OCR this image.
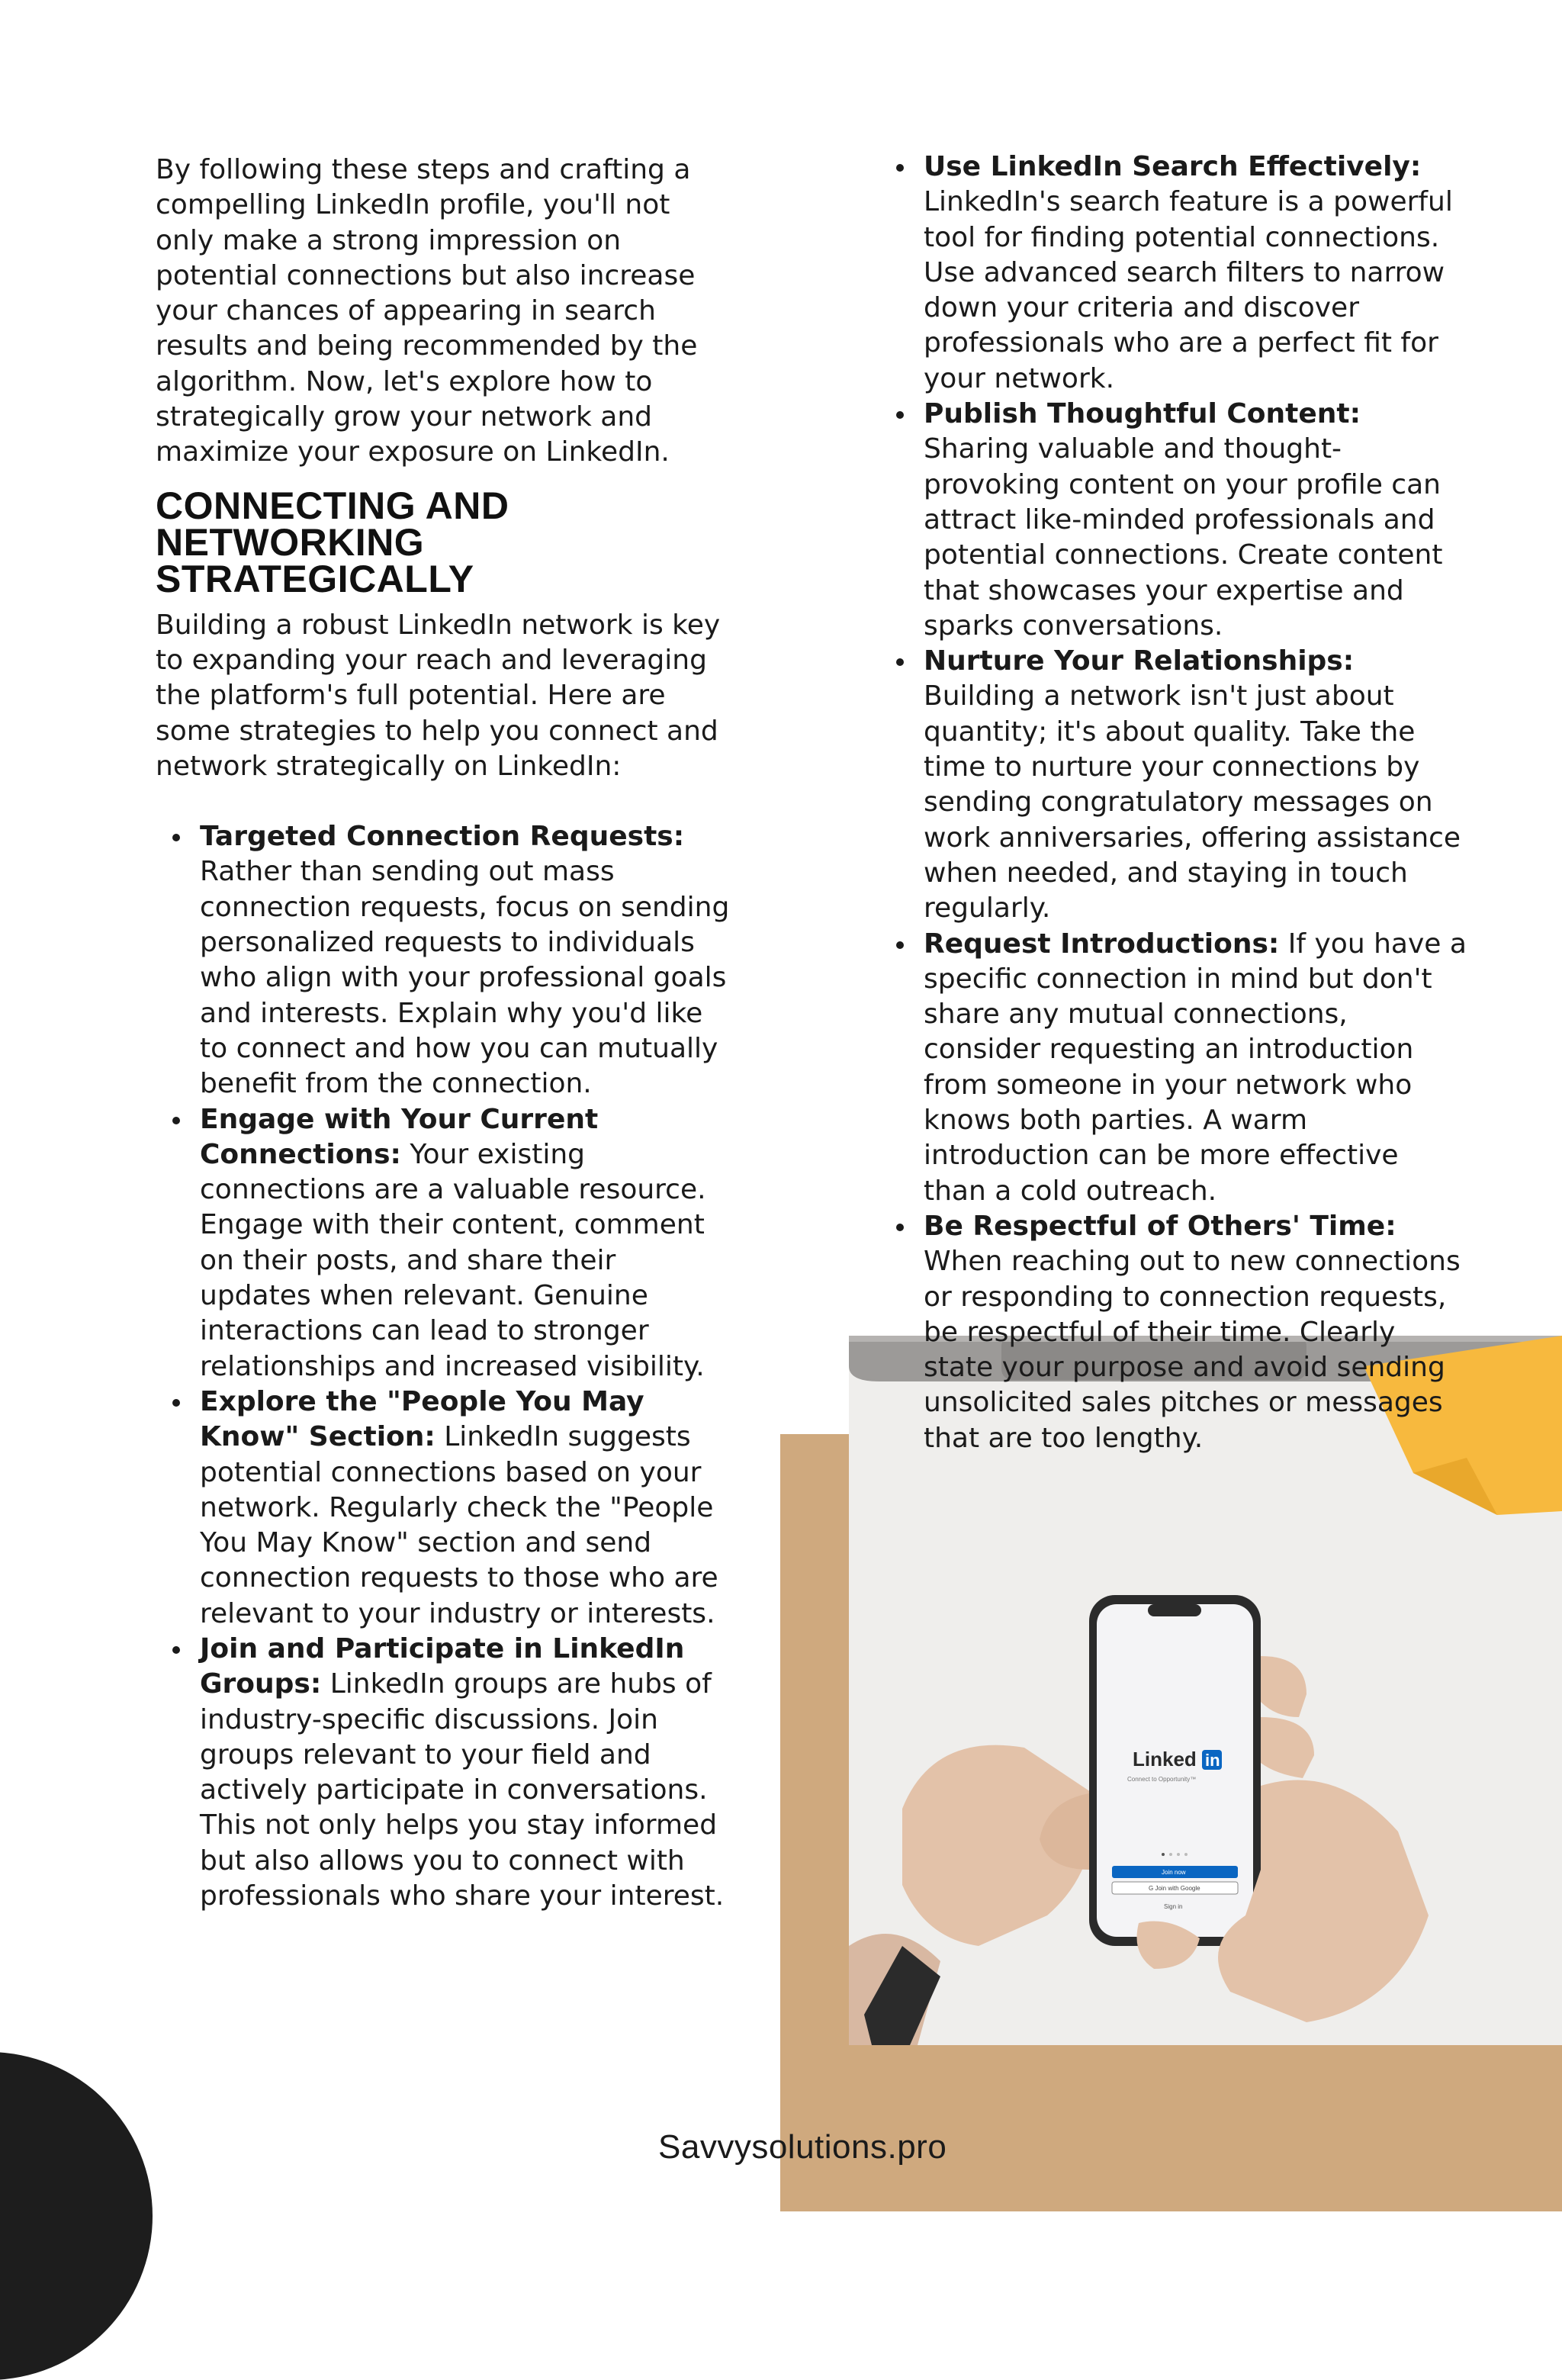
Linked in
Connect to Opportunity™
Join now
G Join with Google
Sign in

By following these steps and crafting a compelling LinkedIn profile, you'll not only make a strong impression on potential connections but also increase your chances of appearing in search results and being recommended by the algorithm. Now, let's explore how to strategically grow your network and maximize your exposure on LinkedIn.

CONNECTING AND
NETWORKING STRATEGICALLY

Building a robust LinkedIn network is key to expanding your reach and leveraging the platform's full potential. Here are some strategies to help you connect and network strategically on LinkedIn:

Targeted Connection Requests: Rather than sending out mass connection requests, focus on sending personalized requests to individuals who align with your professional goals and interests. Explain why you'd like to connect and how you can mutually benefit from the connection.
Engage with Your Current Connections: Your existing connections are a valuable resource. Engage with their content, comment on their posts, and share their updates when relevant. Genuine interactions can lead to stronger relationships and increased visibility.
Explore the "People You May Know" Section: LinkedIn suggests potential connections based on your network. Regularly check the "People You May Know" section and send connection requests to those who are relevant to your industry or interests.
Join and Participate in LinkedIn Groups: LinkedIn groups are hubs of industry-specific discussions. Join groups relevant to your field and actively participate in conversations. This not only helps you stay informed but also allows you to connect with professionals who share your interest.
Use LinkedIn Search Effectively: LinkedIn's search feature is a powerful tool for finding potential connections. Use advanced search filters to narrow down your criteria and discover professionals who are a perfect fit for your network.
Publish Thoughtful Content: Sharing valuable and thought-provoking content on your profile can attract like-minded professionals and potential connections. Create content that showcases your expertise and sparks conversations.
Nurture Your Relationships: Building a network isn't just about quantity; it's about quality. Take the time to nurture your connections by sending congratulatory messages on work anniversaries, offering assistance when needed, and staying in touch regularly.
Request Introductions: If you have a specific connection in mind but don't share any mutual connections, consider requesting an introduction from someone in your network who knows both parties. A warm introduction can be more effective than a cold outreach.
Be Respectful of Others' Time: When reaching out to new connections or responding to connection requests, be respectful of their time. Clearly state your purpose and avoid sending unsolicited sales pitches or messages that are too lengthy.
Savvysolutions.pro
